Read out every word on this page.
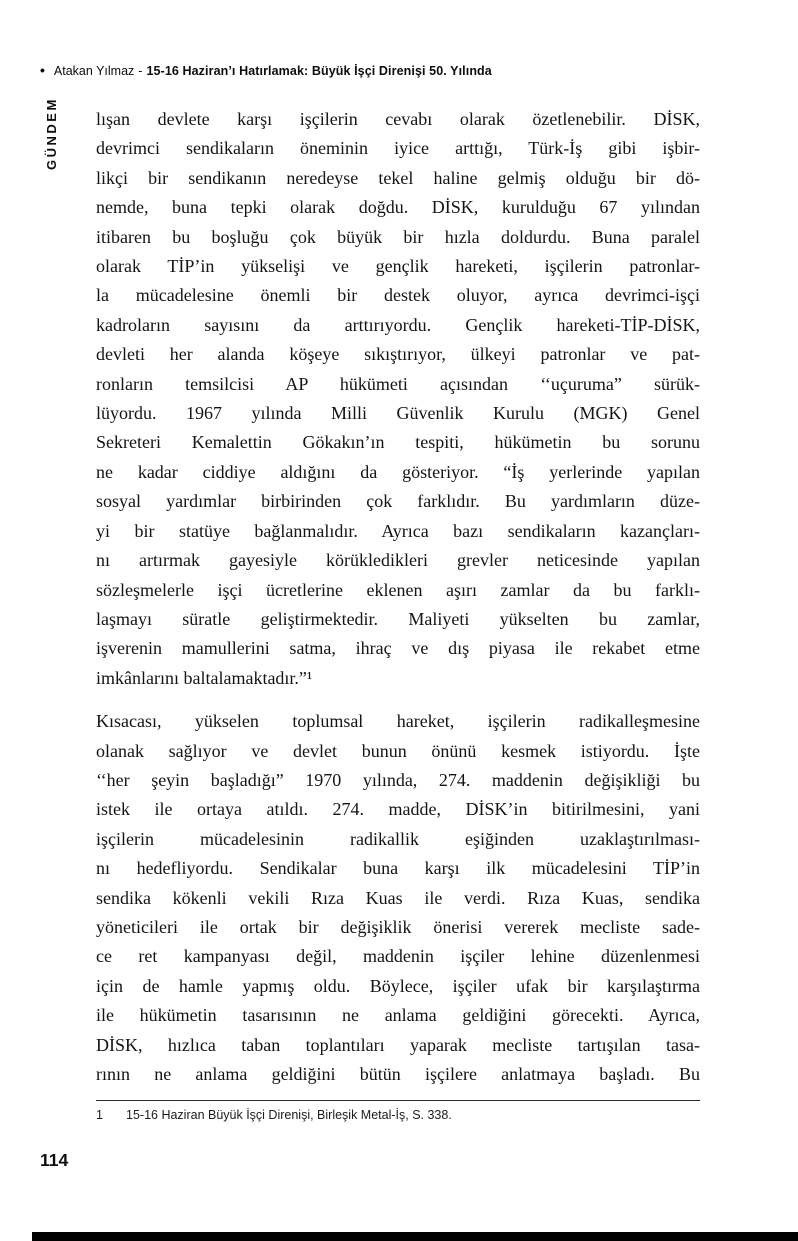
• Atakan Yılmaz - 15-16 Haziran’ı Hatırlamak: Büyük İşçi Direnişi 50. Yılında
GÜNDEM lışan devlete karşı işçilerin cevabı olarak özetlenebilir. DİSK,
devrimci sendikaların öneminin iyice arttığı, Türk-İş gibi işbir-
likçi bir sendikanın neredeyse tekel haline gelmiş olduğu bir dö-
nemde, buna tepki olarak doğdu. DİSK, kurulduğu 67 yılından
itibaren bu boşluğu çok büyük bir hızla doldurdu. Buna paralel
olarak TİP’in yükselişi ve gençlik hareketi, işçilerin patronlar-
la mücadelesine önemli bir destek oluyor, ayrıca devrimci-işçi
kadroların sayısını da arttırıyordu. Gençlik hareketi-TİP-DİSK,
devleti her alanda köşeye sıkıştırıyor, ülkeyi patronlar ve pat-
ronların temsilcisi AP hükümeti açısından ‘‘uçuruma” sürük-
lüyordu. 1967 yılında Milli Güvenlik Kurulu (MGK) Genel
Sekreteri Kemalettin Gökakın’ın tespiti, hükümetin bu sorunu
ne kadar ciddiye aldığını da gösteriyor. “İş yerlerinde yapılan
sosyal yardımlar birbirinden çok farklıdır. Bu yardımların düze-
yi bir statüye bağlanmalıdır. Ayrıca bazı sendikaların kazançları-
nı artırmak gayesiyle körükledikleri grevler neticesinde yapılan
sözleşmelerle işçi ücretlerine eklenen aşırı zamlar da bu farklı-
laşmayı süratle geliştirmektedir. Maliyeti yükselten bu zamlar,
işverenin mamullerini satma, ihraç ve dış piyasa ile rekabet etme
imkânlarını baltalamaktadır.”¹
Kısacası, yükselen toplumsal hareket, işçilerin radikalleşmesine
olanak sağlıyor ve devlet bunun önünü kesmek istiyordu. İşte
‘‘her şeyin başladığı” 1970 yılında, 274. maddenin değişikliği bu
istek ile ortaya atıldı. 274. madde, DİSK’in bitirilmesini, yani
işçilerin mücadelesinin radikallik eşiğinden uzaklaştırılması-
nı hedefliyordu. Sendikalar buna karşı ilk mücadelesini TİP’in
sendika kökenli vekili Rıza Kuas ile verdi. Rıza Kuas, sendika
yöneticileri ile ortak bir değişiklik önerisi vererek mecliste sade-
ce ret kampanyası değil, maddenin işçiler lehine düzenlenmesi
için de hamle yapmış oldu. Böylece, işçiler ufak bir karşılaştırma
ile hükümetin tasarısının ne anlama geldiğini görecekti. Ayrıca,
DİSK, hızlıca taban toplantıları yaparak mecliste tartışılan tasa-
rının ne anlama geldiğini bütün işçilere anlatmaya başladı. Bu
1	15-16 Haziran Büyük İşçi Direnişi, Birleşik Metal-İş, S. 338.
114
